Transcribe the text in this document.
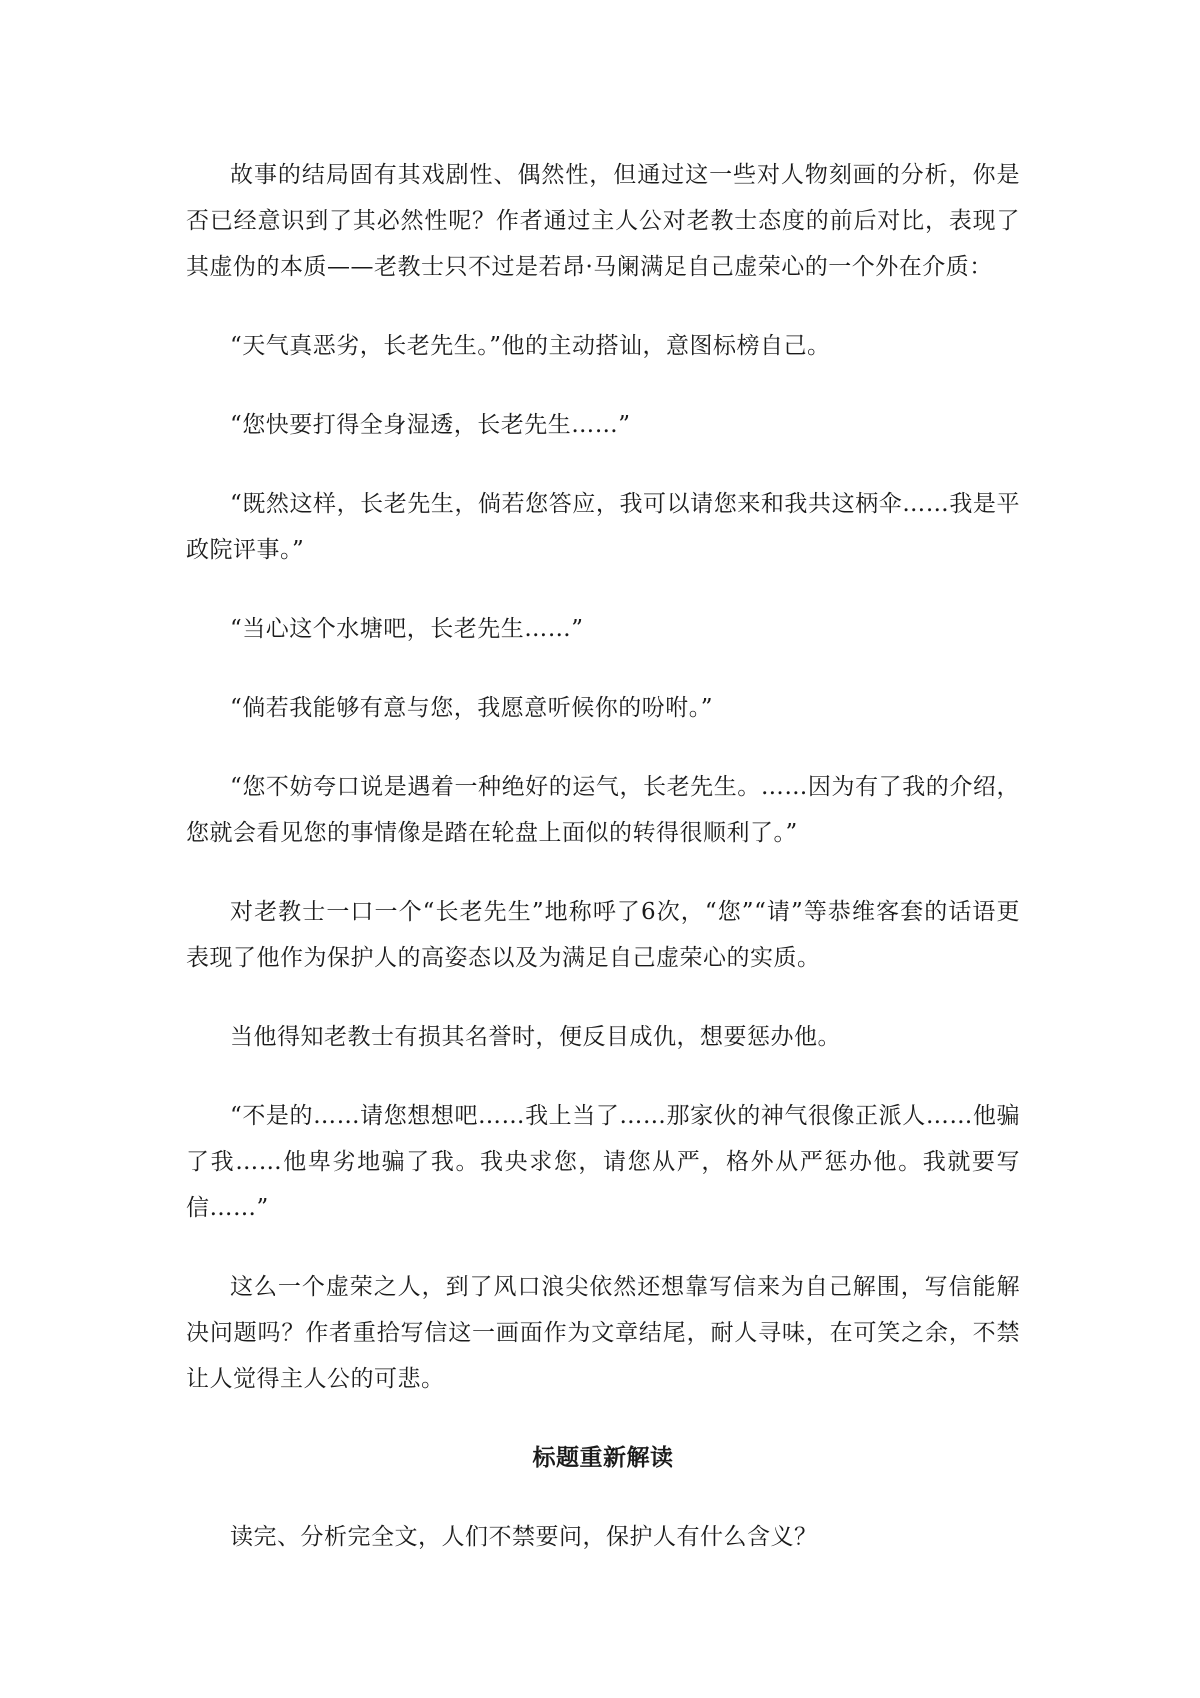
故事的结局固有其戏剧性、偶然性，但通过这一些对人物刻画的分析，你是否已经意识到了其必然性呢？作者通过主人公对老教士态度的前后对比，表现了其虚伪的本质——老教士只不过是若昂·马阑满足自己虚荣心的一个外在介质：

“天气真恶劣，长老先生。”他的主动搭讪，意图标榜自己。

“您快要打得全身湿透，长老先生……”

“既然这样，长老先生，倘若您答应，我可以请您来和我共这柄伞……我是平政院评事。”

“当心这个水塘吧，长老先生……”

“倘若我能够有意与您，我愿意听候你的吩咐。”

“您不妨夸口说是遇着一种绝好的运气，长老先生。……因为有了我的介绍，您就会看见您的事情像是踏在轮盘上面似的转得很顺利了。”

对老教士一口一个“长老先生”地称呼了6次，“您”“请”等恭维客套的话语更表现了他作为保护人的高姿态以及为满足自己虚荣心的实质。

当他得知老教士有损其名誉时，便反目成仇，想要惩办他。

“不是的……请您想想吧……我上当了……那家伙的神气很像正派人……他骗了我……他卑劣地骗了我。我央求您，请您从严，格外从严惩办他。我就要写信……”

这么一个虚荣之人，到了风口浪尖依然还想靠写信来为自己解围，写信能解决问题吗？作者重拾写信这一画面作为文章结尾，耐人寻味，在可笑之余，不禁让人觉得主人公的可悲。

标题重新解读

读完、分析完全文，人们不禁要问，保护人有什么含义？
